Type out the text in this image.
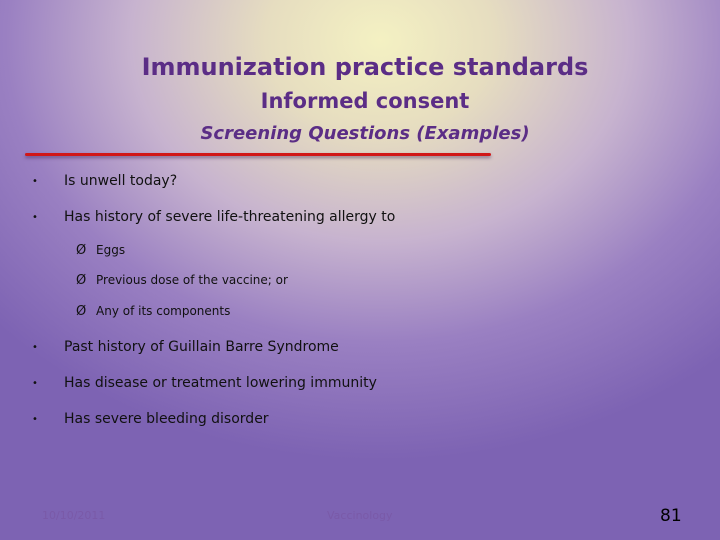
Immunization practice standards
Informed consent
Screening Questions (Examples)
• Is unwell today?
• Has history of severe life-threatening allergy to
Ø Eggs
Ø Previous dose of the vaccine; or
Ø Any of its components
• Past history of Guillain Barre Syndrome
• Has disease or treatment lowering immunity
• Has severe bleeding disorder
10/10/2011	Vaccinology	81
